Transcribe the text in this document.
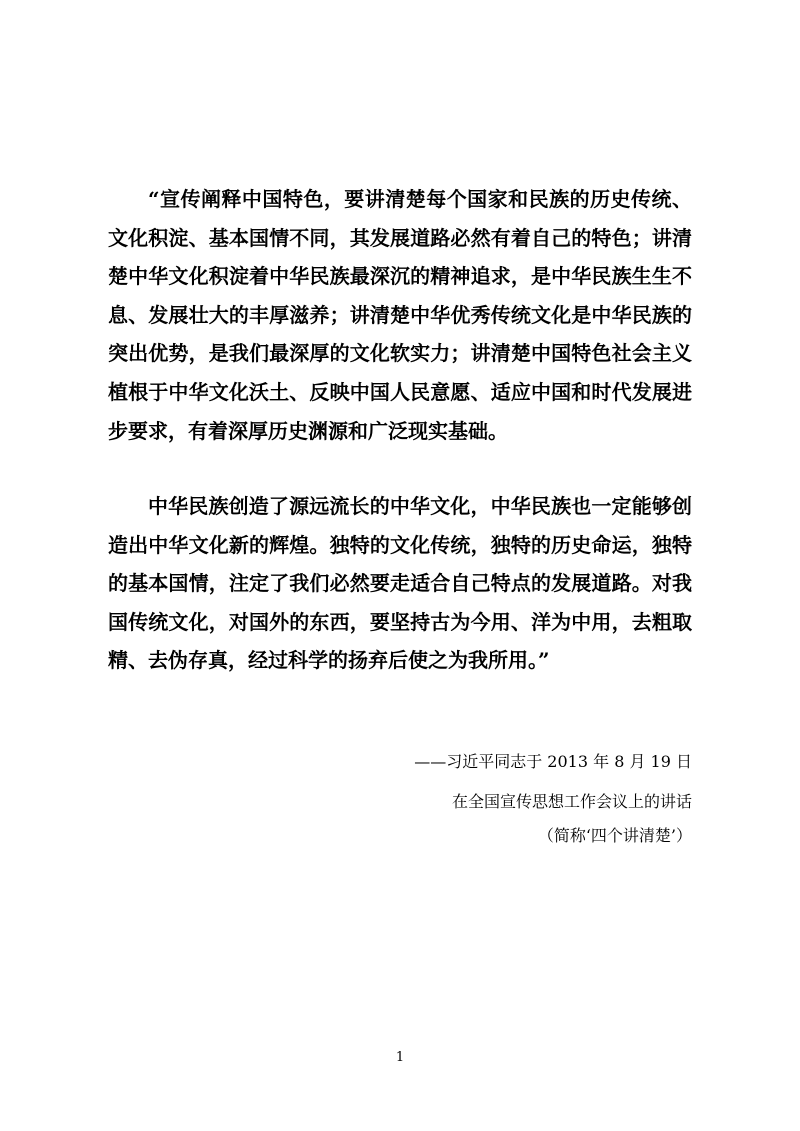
“宣传阐释中国特色，要讲清楚每个国家和民族的历史传统、文化积淀、基本国情不同，其发展道路必然有着自己的特色；讲清楚中华文化积淀着中华民族最深沉的精神追求，是中华民族生生不息、发展壮大的丰厚滋养；讲清楚中华优秀传统文化是中华民族的突出优势，是我们最深厚的文化软实力；讲清楚中国特色社会主义植根于中华文化沃土、反映中国人民意愿、适应中国和时代发展进步要求，有着深厚历史渊源和广泛现实基础。

中华民族创造了源远流长的中华文化，中华民族也一定能够创造出中华文化新的辉煌。独特的文化传统，独特的历史命运，独特的基本国情，注定了我们必然要走适合自己特点的发展道路。对我国传统文化，对国外的东西，要坚持古为今用、洋为中用，去粗取精、去伪存真，经过科学的扬弃后使之为我所用。”

——习近平同志于 2013 年 8 月 19 日

在全国宣传思想工作会议上的讲话

（简称‘四个讲清楚’）

1
